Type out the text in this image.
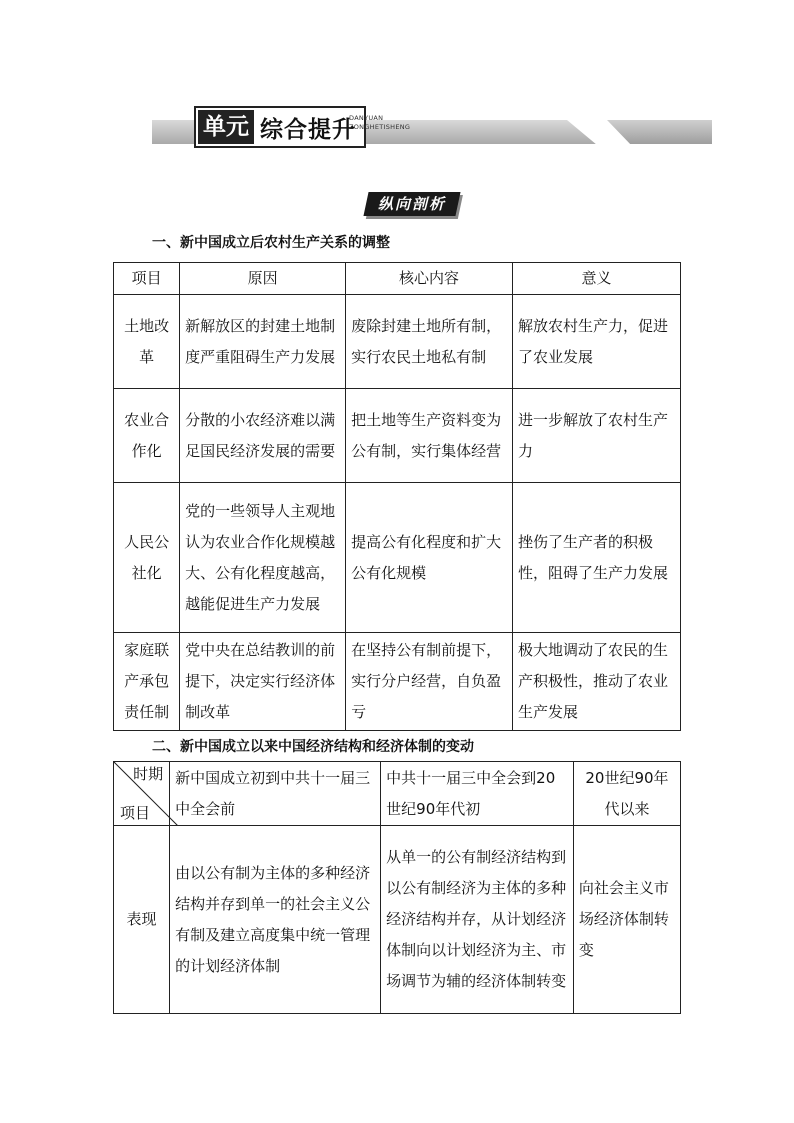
单元 综合提升
DANYUAN
ZONGHETISHENG
纵向剖析
一、新中国成立后农村生产关系的调整
项目	原因	核心内容	意义
土地改革	新解放区的封建土地制度严重阻碍生产力发展	废除封建土地所有制，实行农民土地私有制	解放农村生产力，促进了农业发展
农业合作化	分散的小农经济难以满足国民经济发展的需要	把土地等生产资料变为公有制，实行集体经营	进一步解放了农村生产力
人民公社化	党的一些领导人主观地认为农业合作化规模越大、公有化程度越高，越能促进生产力发展	提高公有化程度和扩大公有化规模	挫伤了生产者的积极性，阻碍了生产力发展
家庭联产承包责任制	党中央在总结教训的前提下，决定实行经济体制改革	在坚持公有制前提下，实行分户经营，自负盈亏	极大地调动了农民的生产积极性，推动了农业生产发展
二、新中国成立以来中国经济结构和经济体制的变动
时期
项目	新中国成立初到中共十一届三中全会前	中共十一届三中全会到20世纪90年代初	20世纪90年代以来
表现	由以公有制为主体的多种经济结构并存到单一的社会主义公有制及建立高度集中统一管理的计划经济体制	从单一的公有制经济结构到以公有制经济为主体的多种经济结构并存，从计划经济体制向以计划经济为主、市场调节为辅的经济体制转变	向社会主义市场经济体制转变
